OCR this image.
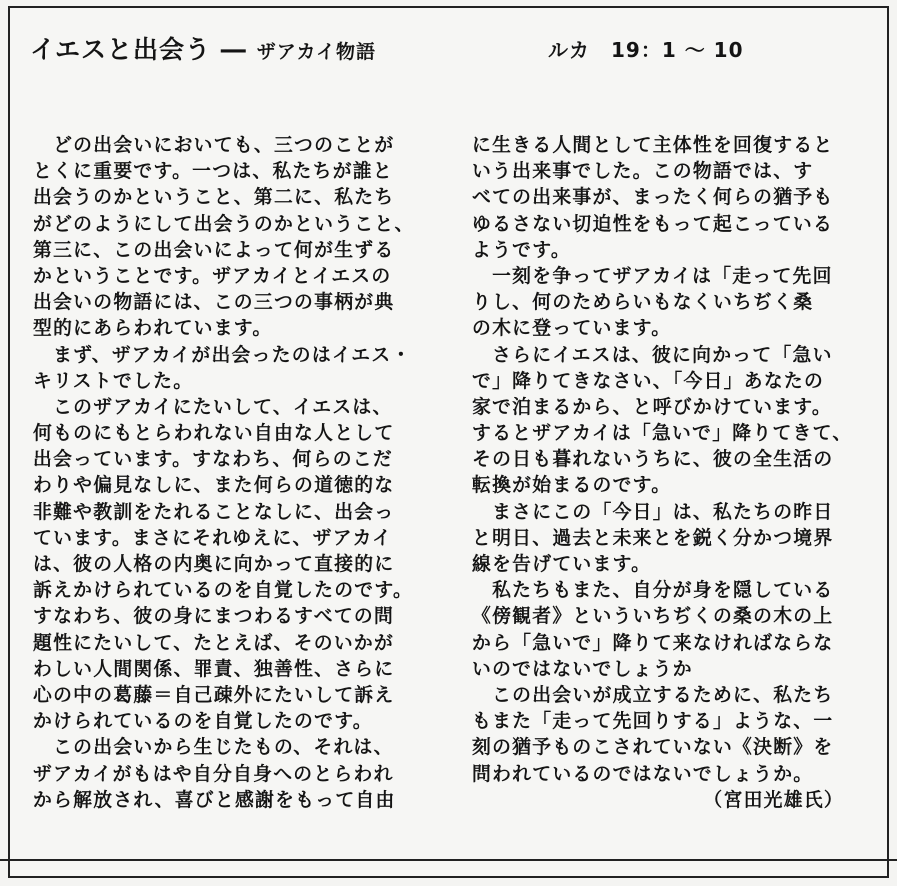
イエスと出会う ― ザアカイ物語	ルカ　19：1 ～ 10
　どの出会いにおいても、三つのことが
とくに重要です。一つは、私たちが誰と
出会うのかということ、第二に、私たち
がどのようにして出会うのかということ、
第三に、この出会いによって何が生ずる
かということです。ザアカイとイエスの
出会いの物語には、この三つの事柄が典
型的にあらわれています。
　まず、ザアカイが出会ったのはイエス・
キリストでした。
　このザアカイにたいして、イエスは、
何ものにもとらわれない自由な人として
出会っています。すなわち、何らのこだ
わりや偏見なしに、また何らの道徳的な
非難や教訓をたれることなしに、出会っ
ています。まさにそれゆえに、ザアカイ
は、彼の人格の内奥に向かって直接的に
訴えかけられているのを自覚したのです。
すなわち、彼の身にまつわるすべての問
題性にたいして、たとえば、そのいかが
わしい人間関係、罪責、独善性、さらに
心の中の葛藤＝自己疎外にたいして訴え
かけられているのを自覚したのです。
　この出会いから生じたもの、それは、
ザアカイがもはや自分自身へのとらわれ
から解放され、喜びと感謝をもって自由
に生きる人間として主体性を回復すると
いう出来事でした。この物語では、す
べての出来事が、まったく何らの猶予も
ゆるさない切迫性をもって起こっている
ようです。
　一刻を争ってザアカイは「走って先回
りし、何のためらいもなくいちぢく桑
の木に登っています。
　さらにイエスは、彼に向かって「急い
で」降りてきなさい、「今日」あなたの
家で泊まるから、と呼びかけています。
するとザアカイは「急いで」降りてきて、
その日も暮れないうちに、彼の全生活の
転換が始まるのです。
　まさにこの「今日」は、私たちの昨日
と明日、過去と未来とを鋭く分かつ境界
線を告げています。
　私たちもまた、自分が身を隠している
《傍観者》といういちぢくの桑の木の上
から「急いで」降りて来なければならな
いのではないでしょうか
　この出会いが成立するために、私たち
もまた「走って先回りする」ような、一
刻の猶予ものこされていない《決断》を
問われているのではないでしょうか。
（宮田光雄氏）
